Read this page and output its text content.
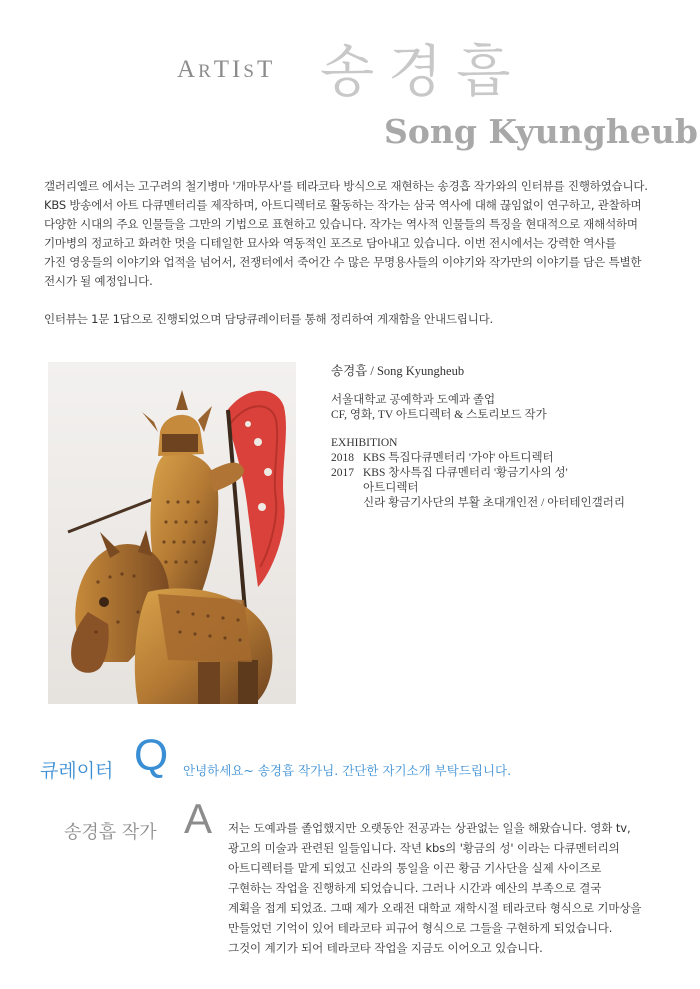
ARTIST 송경흡
Song Kyungheub

갤러리엘르 에서는 고구려의 철기병마 '개마무사'를 테라코타 방식으로 재현하는 송경흡 작가와의 인터뷰를 진행하였습니다.

KBS 방송에서 아트 다큐멘터리를 제작하며, 아트디렉터로 활동하는 작가는 삼국 역사에 대해 끊임없이 연구하고, 관찰하며

다양한 시대의 주요 인물들을 그만의 기법으로 표현하고 있습니다. 작가는 역사적 인물들의 특징을 현대적으로 재해석하며

기마병의 정교하고 화려한 멋을 디테일한 묘사와 역동적인 포즈로 담아내고 있습니다. 이번 전시에서는 강력한 역사를

가진 영웅들의 이야기와 업적을 넘어서, 전쟁터에서 죽어간 수 많은 무명용사들의 이야기와 작가만의 이야기를 담은 특별한

전시가 될 예정입니다.

인터뷰는 1문 1답으로 진행되었으며 담당큐레이터를 통해 정리하여 게재함을 안내드립니다.

송경흡 / Song Kyungheub
서울대학교 공예학과 도예과 졸업
CF, 영화, TV 아트디렉터 & 스토리보드 작가
EXHIBITION
2018 KBS 특집다큐멘터리 '가야' 아트디렉터
2017 KBS 창사특집 다큐멘터리 '황금기사의 성'
아트디렉터
신라 황금기사단의 부활 초대개인전 / 아터테인갤러리
큐레이터 Q 안녕하세요~ 송경흡 작가님. 간단한 자기소개 부탁드립니다.
송경흡 작가 A 저는 도예과를 졸업했지만 오랫동안 전공과는 상관없는 일을 해왔습니다. 영화 tv,

광고의 미술과 관련된 일들입니다. 작년 kbs의 '황금의 성' 이라는 다큐멘터리의

아트디렉터를 맡게 되었고 신라의 통일을 이끈 황금 기사단을 실제 사이즈로

구현하는 작업을 진행하게 되었습니다. 그러나 시간과 예산의 부족으로 결국

계획을 접게 되었죠. 그때 제가 오래전 대학교 재학시절 테라코타 형식으로 기마상을

만들었던 기억이 있어 테라코타 피규어 형식으로 그들을 구현하게 되었습니다.

그것이 계기가 되어 테라코타 작업을 지금도 이어오고 있습니다.
